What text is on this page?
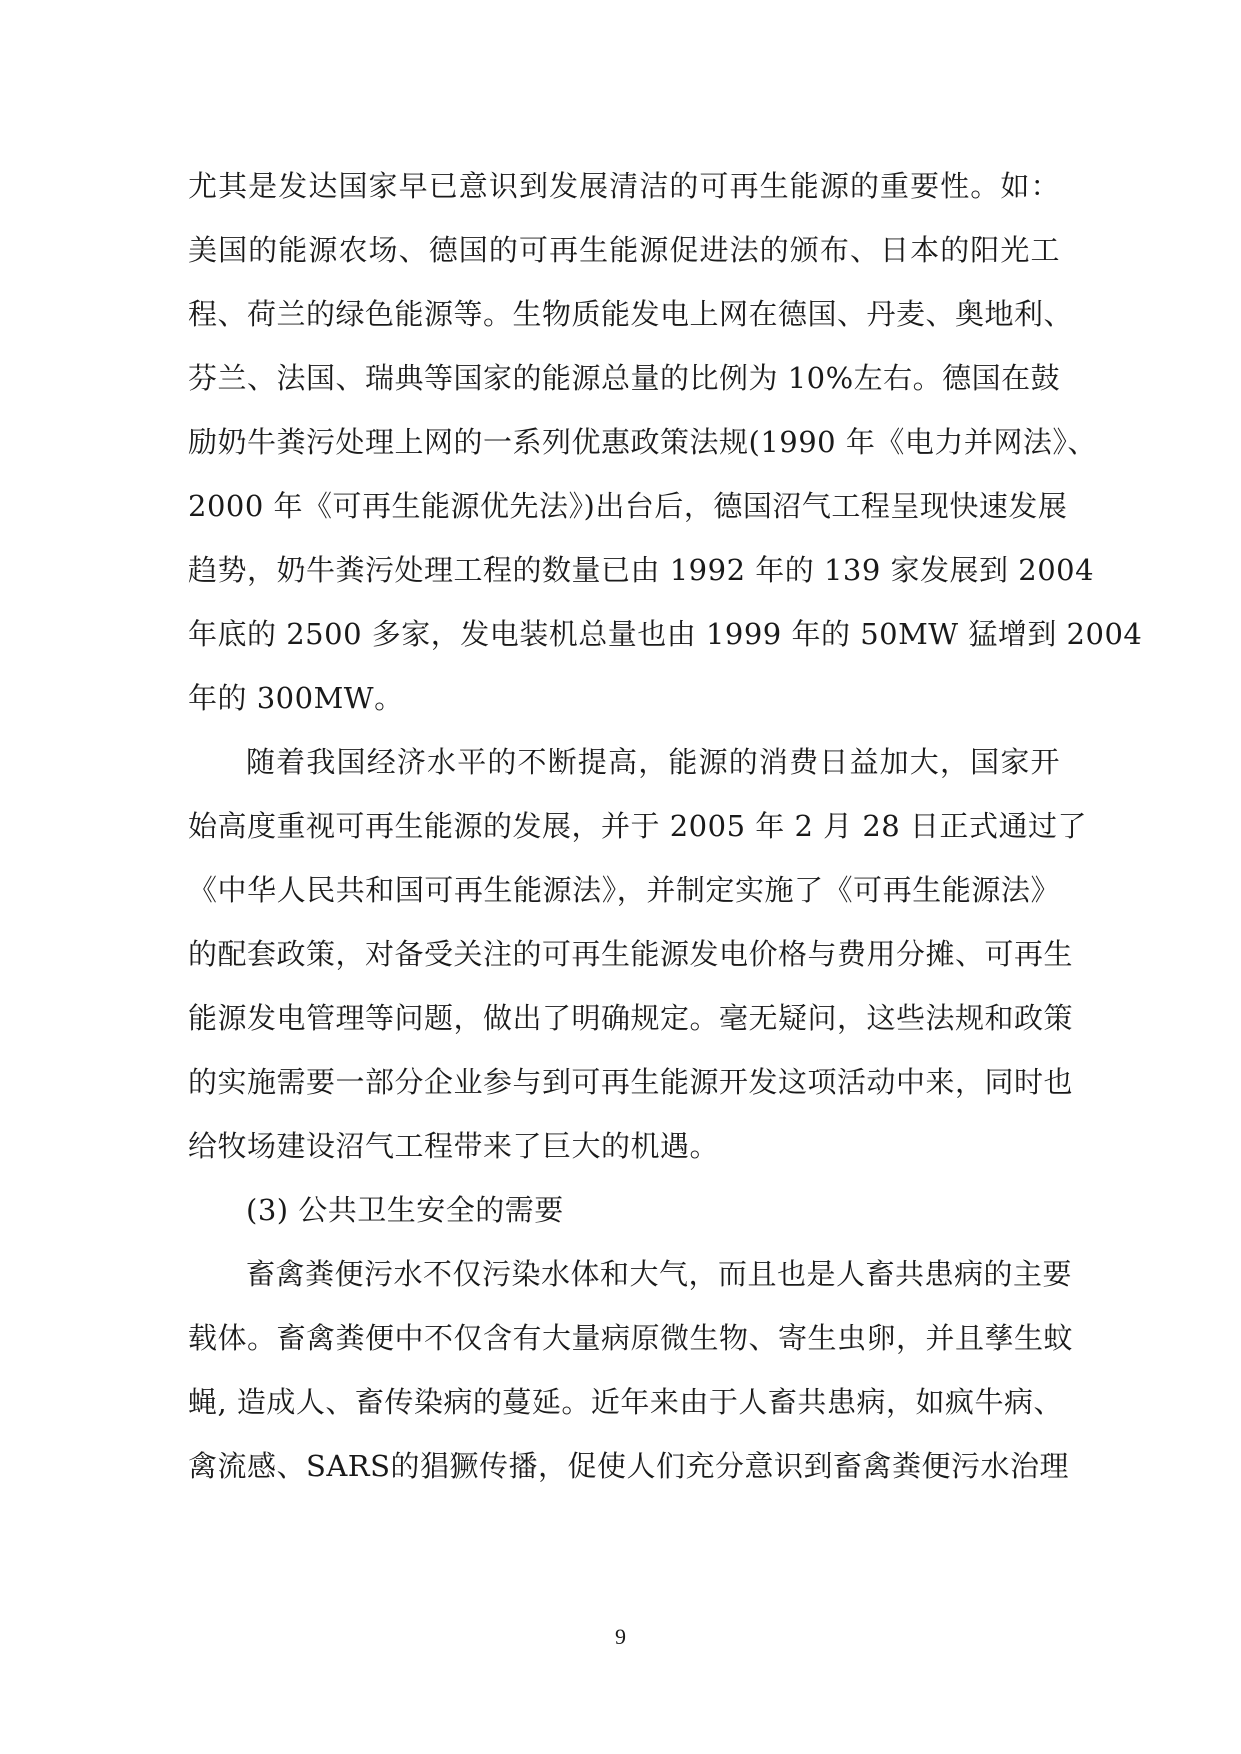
尤其是发达国家早已意识到发展清洁的可再生能源的重要性。如：
美国的能源农场、德国的可再生能源促进法的颁布、日本的阳光工
程、荷兰的绿色能源等。生物质能发电上网在德国、丹麦、奥地利、
芬兰、法国、瑞典等国家的能源总量的比例为 10%左右。德国在鼓
励奶牛粪污处理上网的一系列优惠政策法规(1990 年《电力并网法》、
2000 年《可再生能源优先法》)出台后，德国沼气工程呈现快速发展
趋势，奶牛粪污处理工程的数量已由 1992 年的 139 家发展到 2004
年底的 2500 多家，发电装机总量也由 1999 年的 50MW 猛增到 2004
年的 300MW。
随着我国经济水平的不断提高，能源的消费日益加大，国家开
始高度重视可再生能源的发展，并于 2005 年 2 月 28 日正式通过了
《中华人民共和国可再生能源法》，并制定实施了《可再生能源法》
的配套政策，对备受关注的可再生能源发电价格与费用分摊、可再生
能源发电管理等问题，做出了明确规定。毫无疑问，这些法规和政策
的实施需要一部分企业参与到可再生能源开发这项活动中来，同时也
给牧场建设沼气工程带来了巨大的机遇。
(3) 公共卫生安全的需要
畜禽粪便污水不仅污染水体和大气，而且也是人畜共患病的主要
载体。畜禽粪便中不仅含有大量病原微生物、寄生虫卵，并且孳生蚊
蝇, 造成人、畜传染病的蔓延。近年来由于人畜共患病，如疯牛病、
禽流感、SARS的猖獗传播，促使人们充分意识到畜禽粪便污水治理
9
